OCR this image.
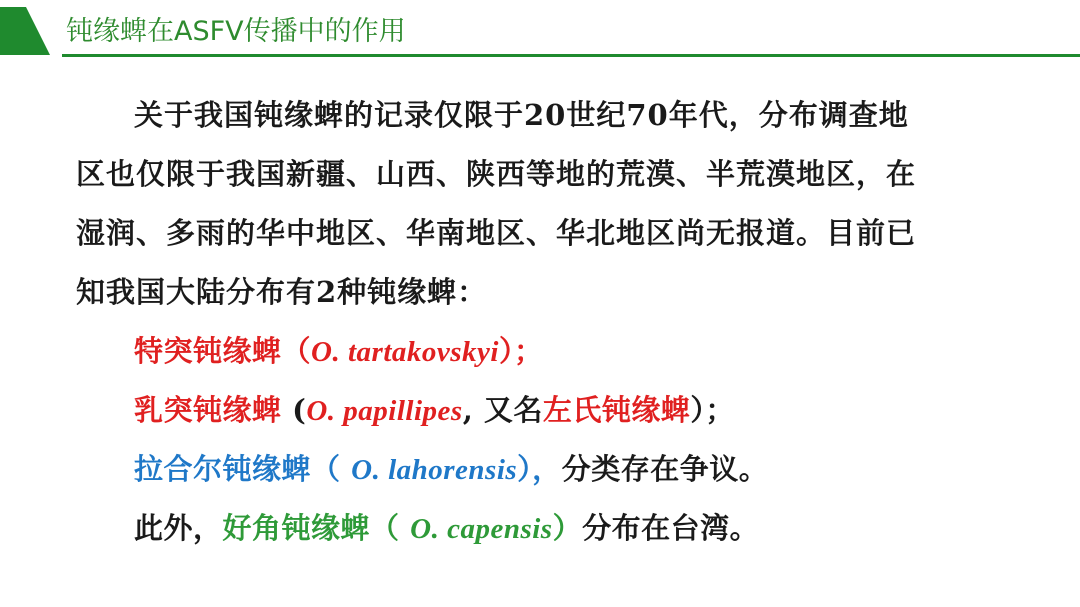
钝缘蜱在ASFV传播中的作用

关于我国钝缘蜱的记录仅限于20世纪70年代，分布调查地区也仅限于我国新疆、山西、陕西等地的荒漠、半荒漠地区，在湿润、多雨的华中地区、华南地区、华北地区尚无报道。目前已知我国大陆分布有2种钝缘蜱：

特突钝缘蜱（O. tartakovskyi）；
乳突钝缘蜱 (O. papillipes, 又名左氏钝缘蜱）；
拉合尔钝缘蜱（ O. lahorensis），分类存在争议。
此外，好角钝缘蜱（ O. capensis）分布在台湾。
